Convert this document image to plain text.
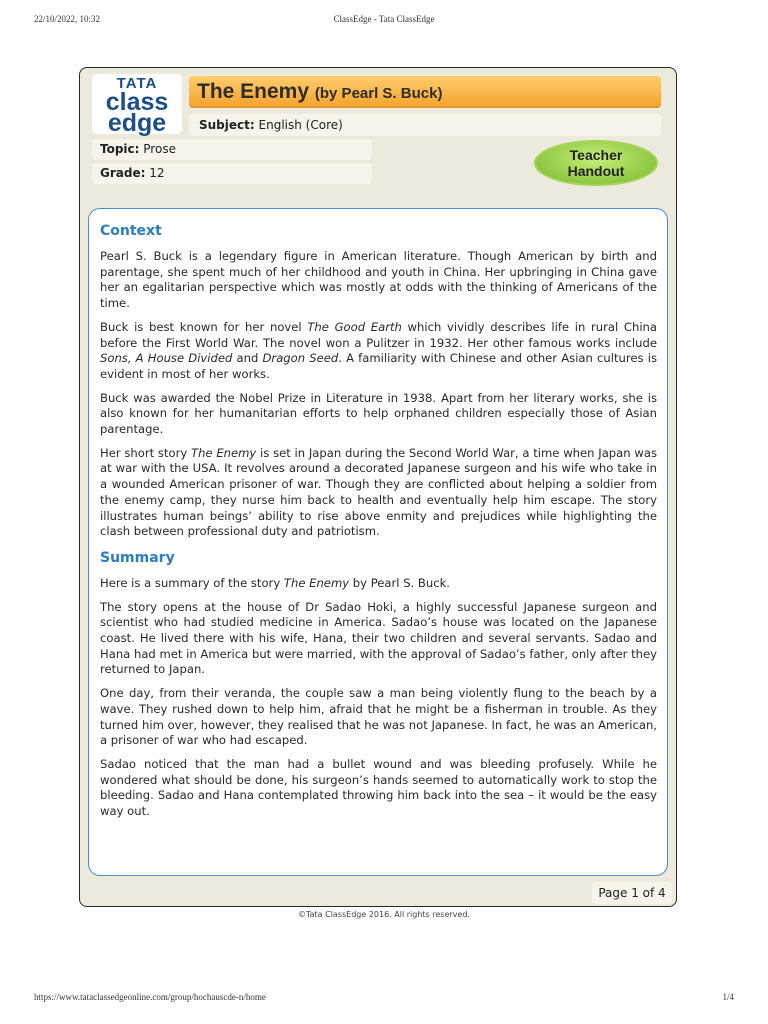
22/10/2022, 10:32	ClassEdge - Tata ClassEdge
TATA
class
edge
The Enemy (by Pearl S. Buck)
Subject: English (Core)
Topic: Prose
Grade: 12
Teacher
Handout
Context

Pearl S. Buck is a legendary figure in American literature. Though American by birth and parentage, she spent much of her childhood and youth in China. Her upbringing in China gave her an egalitarian perspective which was mostly at odds with the thinking of Americans of the time.

Buck is best known for her novel The Good Earth which vividly describes life in rural China before the First World War. The novel won a Pulitzer in 1932. Her other famous works include Sons, A House Divided and Dragon Seed. A familiarity with Chinese and other Asian cultures is evident in most of her works.

Buck was awarded the Nobel Prize in Literature in 1938. Apart from her literary works, she is also known for her humanitarian efforts to help orphaned children especially those of Asian parentage.

Her short story The Enemy is set in Japan during the Second World War, a time when Japan was at war with the USA. It revolves around a decorated Japanese surgeon and his wife who take in a wounded American prisoner of war. Though they are conflicted about helping a soldier from the enemy camp, they nurse him back to health and eventually help him escape. The story illustrates human beings’ ability to rise above enmity and prejudices while highlighting the clash between professional duty and patriotism.

Summary

Here is a summary of the story The Enemy by Pearl S. Buck.

The story opens at the house of Dr Sadao Hoki, a highly successful Japanese surgeon and scientist who had studied medicine in America. Sadao’s house was located on the Japanese coast. He lived there with his wife, Hana, their two children and several servants. Sadao and Hana had met in America but were married, with the approval of Sadao’s father, only after they returned to Japan.

One day, from their veranda, the couple saw a man being violently flung to the beach by a wave. They rushed down to help him, afraid that he might be a fisherman in trouble. As they turned him over, however, they realised that he was not Japanese. In fact, he was an American, a prisoner of war who had escaped.

Sadao noticed that the man had a bullet wound and was bleeding profusely. While he wondered what should be done, his surgeon’s hands seemed to automatically work to stop the bleeding. Sadao and Hana contemplated throwing him back into the sea – it would be the easy way out.

Page 1 of 4
©Tata ClassEdge 2016. All rights reserved.
https://www.tataclassedgeonline.com/group/hochauscde-n/home	1/4
